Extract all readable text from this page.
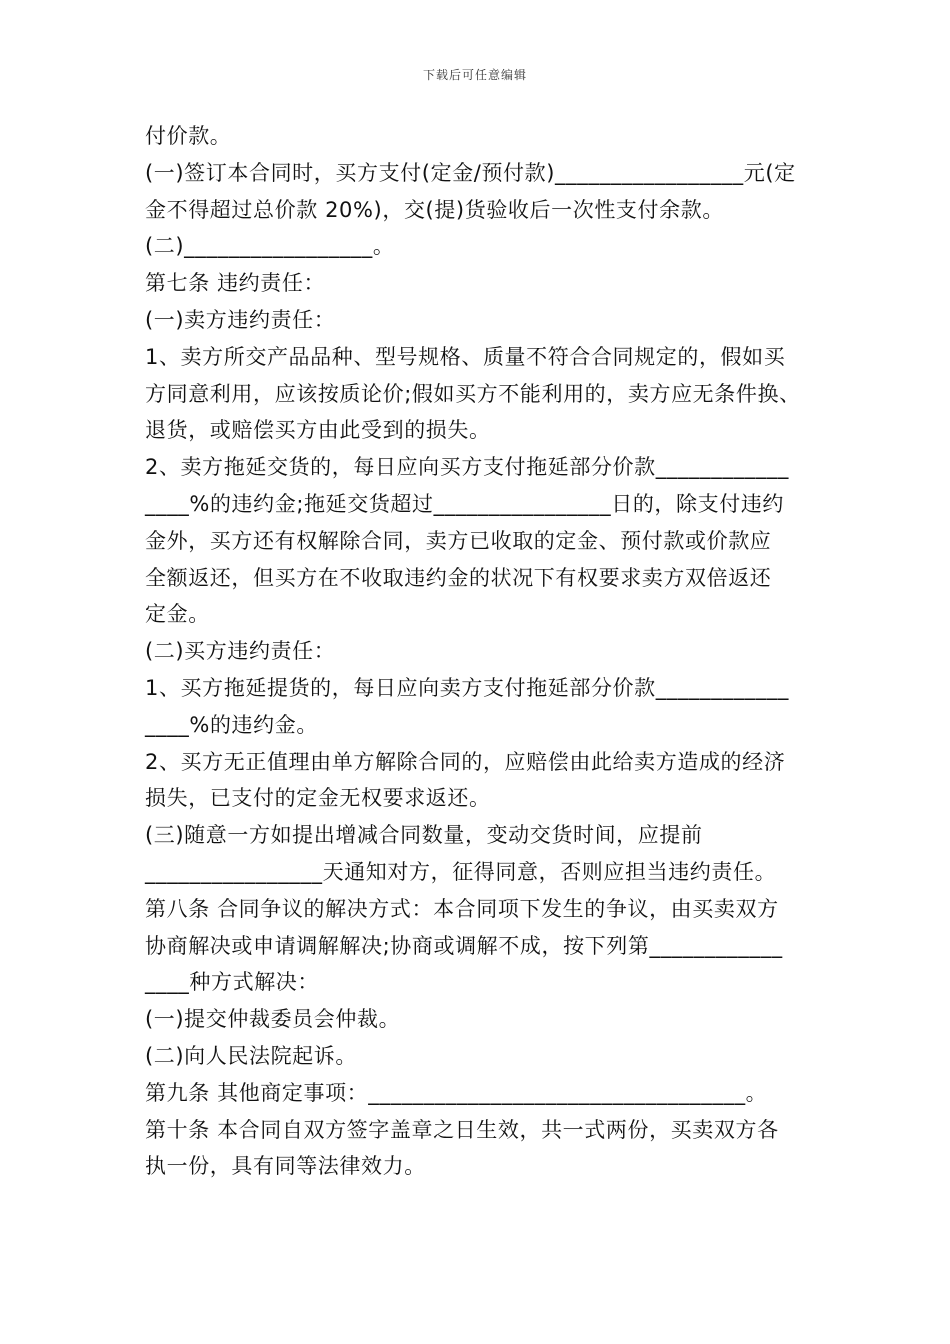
下载后可任意编辑
付价款。
(一)签订本合同时，买方支付(定金/预付款)_________________元(定
金不得超过总价款 20%)，交(提)货验收后一次性支付余款。
(二)_________________。
第七条 违约责任：
(一)卖方违约责任：
1、卖方所交产品品种、型号规格、质量不符合合同规定的，假如买
方同意利用，应该按质论价;假如买方不能利用的，卖方应无条件换、
退货，或赔偿买方由此受到的损失。
2、卖方拖延交货的，每日应向买方支付拖延部分价款____________
____%的违约金;拖延交货超过________________日的，除支付违约
金外，买方还有权解除合同，卖方已收取的定金、预付款或价款应
全额返还，但买方在不收取违约金的状况下有权要求卖方双倍返还
定金。
(二)买方违约责任：
1、买方拖延提货的，每日应向卖方支付拖延部分价款____________
____%的违约金。
2、买方无正值理由单方解除合同的，应赔偿由此给卖方造成的经济
损失，已支付的定金无权要求返还。
(三)随意一方如提出增减合同数量，变动交货时间，应提前
________________天通知对方，征得同意，否则应担当违约责任。
第八条 合同争议的解决方式：本合同项下发生的争议，由买卖双方
协商解决或申请调解解决;协商或调解不成，按下列第____________
____种方式解决：
(一)提交仲裁委员会仲裁。
(二)向人民法院起诉。
第九条 其他商定事项：__________________________________。
第十条 本合同自双方签字盖章之日生效，共一式两份，买卖双方各
执一份，具有同等法律效力。
